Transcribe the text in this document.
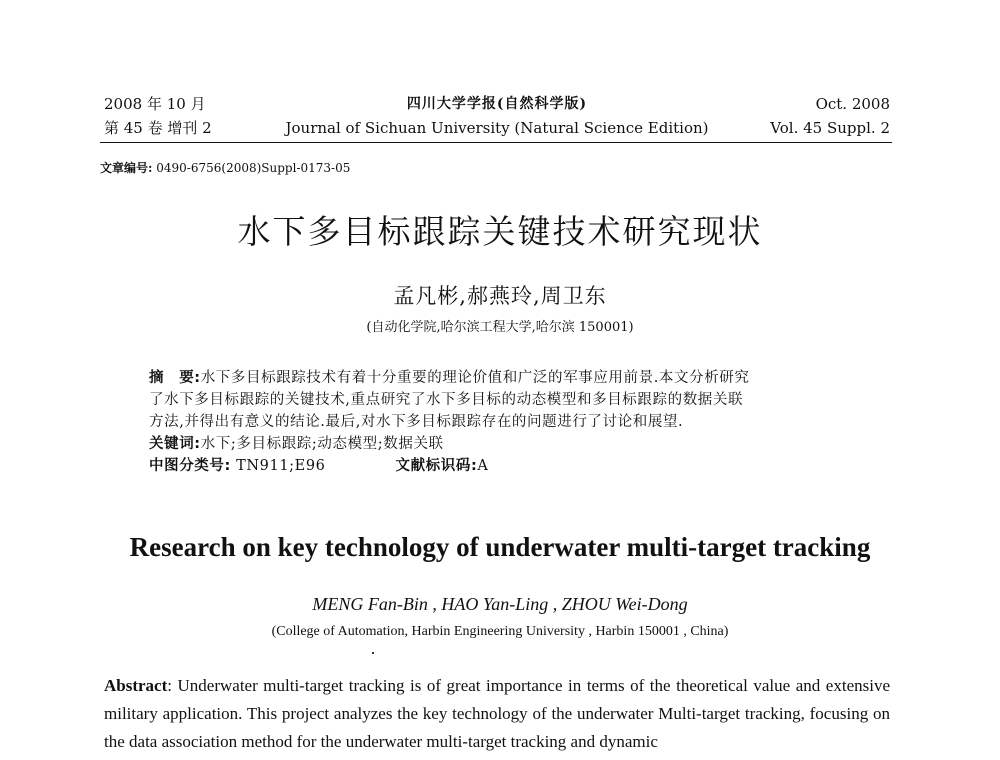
2008 年 10 月	四川大学学报(自然科学版)	Oct. 2008
第 45 卷 增刊 2	Journal of Sichuan University (Natural Science Edition)	Vol. 45 Suppl. 2
文章编号: 0490-6756(2008)Suppl-0173-05
水下多目标跟踪关键技术研究现状
孟凡彬,郝燕玲,周卫东
(自动化学院,哈尔滨工程大学,哈尔滨 150001)

摘　要:水下多目标跟踪技术有着十分重要的理论价值和广泛的军事应用前景.本文分析研究

了水下多目标跟踪的关键技术,重点研究了水下多目标的动态模型和多目标跟踪的数据关联

方法,并得出有意义的结论.最后,对水下多目标跟踪存在的问题进行了讨论和展望.

关键词:水下;多目标跟踪;动态模型;数据关联

中图分类号: TN911;E96	文献标识码:A

Research on key technology of underwater multi-target tracking
MENG Fan-Bin , HAO Yan-Ling , ZHOU Wei-Dong
(College of Automation, Harbin Engineering University , Harbin 150001 , China)
Abstract: Underwater multi-target tracking is of great importance in terms of the theoretical value and extensive military application. This project analyzes the key technology of the underwater Multi-target tracking, focusing on the data association method for the underwater multi-target tracking and dynamic
